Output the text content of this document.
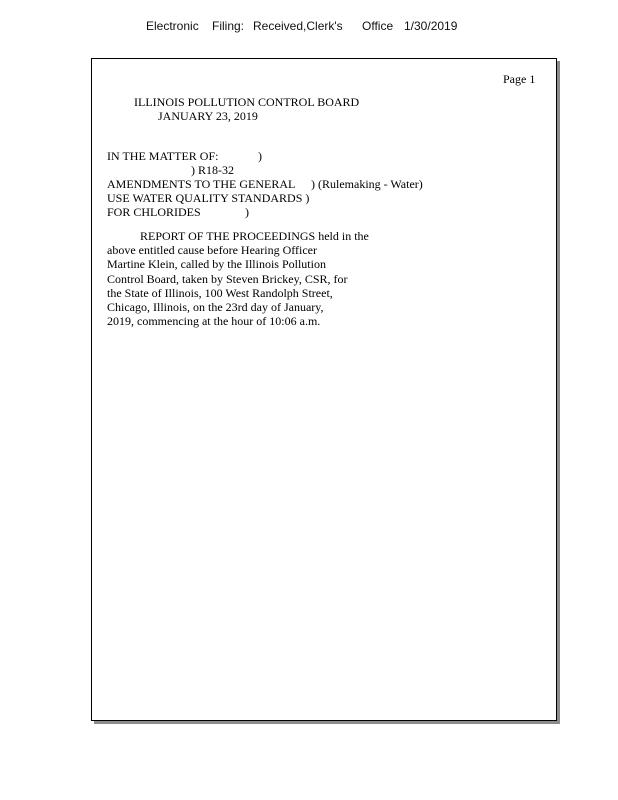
Electronic Filing: Received,Clerk's Office 1/30/2019

Page 1

ILLINOIS POLLUTION CONTROL BOARD

JANUARY 23, 2019

IN THE MATTER OF:	)

) R18-32

AMENDMENTS TO THE GENERAL ) (Rulemaking - Water)

USE WATER QUALITY STANDARDS )

FOR CHLORIDES	)

REPORT OF THE PROCEEDINGS held in the
above entitled cause before Hearing Officer
Martine Klein, called by the Illinois Pollution
Control Board, taken by Steven Brickey, CSR, for
the State of Illinois, 100 West Randolph Street,
Chicago, Illinois, on the 23rd day of January,
2019, commencing at the hour of 10:06 a.m.
